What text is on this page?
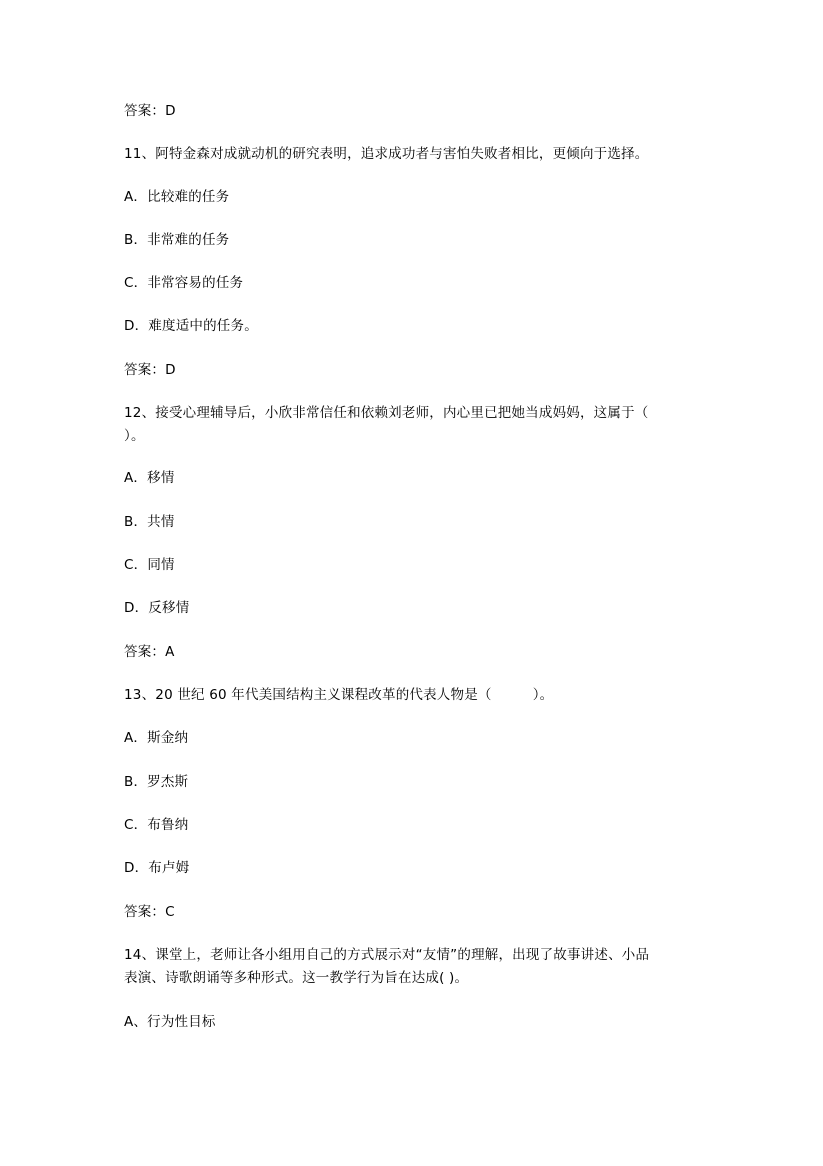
答案：D
11、阿特金森对成就动机的研究表明，追求成功者与害怕失败者相比，更倾向于选择。
A．比较难的任务
B．非常难的任务
C．非常容易的任务
D．难度适中的任务。
答案：D
12、接受心理辅导后，小欣非常信任和依赖刘老师，内心里已把她当成妈妈，这属于（
）。
A．移情
B．共情
C．同情
D．反移情
答案：A
13、20 世纪 60 年代美国结构主义课程改革的代表人物是（　　　）。
A．斯金纳
B．罗杰斯
C．布鲁纳
D．布卢姆
答案：C
14、课堂上，老师让各小组用自己的方式展示对“友情”的理解，出现了故事讲述、小品
表演、诗歌朗诵等多种形式。这一教学行为旨在达成( )。
A、行为性目标
